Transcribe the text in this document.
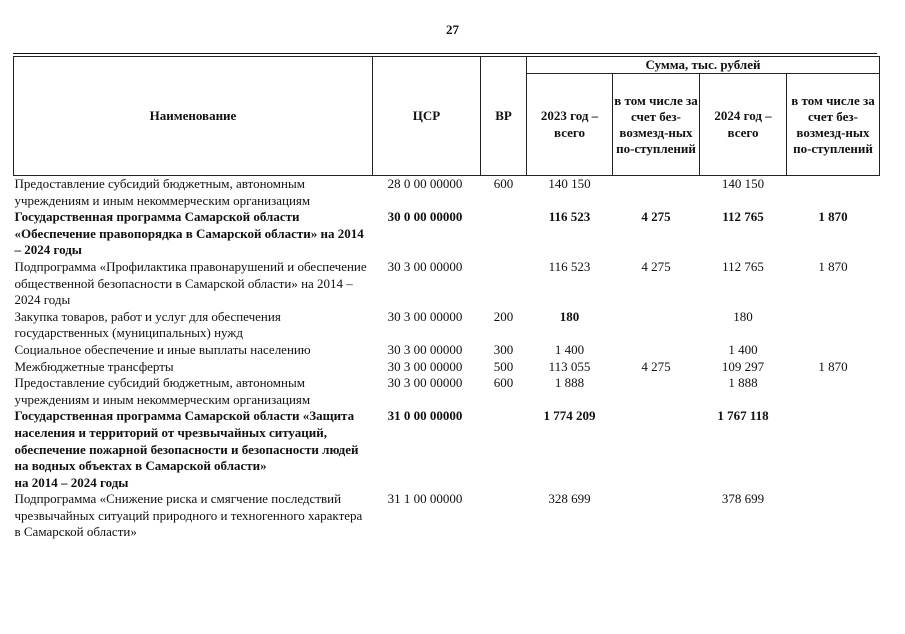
27
Наименование	ЦСР	ВР	Сумма, тыс. рублей			
			2023 год – всего	в том числе за счет без-возмезд-ных по-ступлений	2024 год – всего	в том числе за счет без-возмезд-ных по-ступлений
Предоставление субсидий бюджетным, автономным учреждениям и иным некоммерческим организациям	28 0 00 00000	600	140 150		140 150	
Государственная программа Самарской области «Обеспечение правопорядка в Самарской области» на 2014 – 2024 годы	30 0 00 00000		116 523	4 275	112 765	1 870
Подпрограмма «Профилактика правонарушений и обеспечение общественной безопасности в Самарской области» на 2014 – 2024 годы	30 3 00 00000		116 523	4 275	112 765	1 870
Закупка товаров, работ и услуг для обеспечения государственных (муниципальных) нужд	30 3 00 00000	200	180		180	
Социальное обеспечение и иные выплаты населению	30 3 00 00000	300	1 400		1 400	
Межбюджетные трансферты	30 3 00 00000	500	113 055	4 275	109 297	1 870
Предоставление субсидий бюджетным, автономным учреждениям и иным некоммерческим организациям	30 3 00 00000	600	1 888		1 888	
Государственная программа Самарской области «Защита населения и территорий от чрезвычайных ситуаций, обеспечение пожарной безопасности и безопасности людей на водных объектах в Самарской области»
на 2014 – 2024 годы	31 0 00 00000		1 774 209		1 767 118	
Подпрограмма «Снижение риска и смягчение последствий чрезвычайных ситуаций природного и техногенного характера в Самарской области»	31 1 00 00000		328 699		378 699	
